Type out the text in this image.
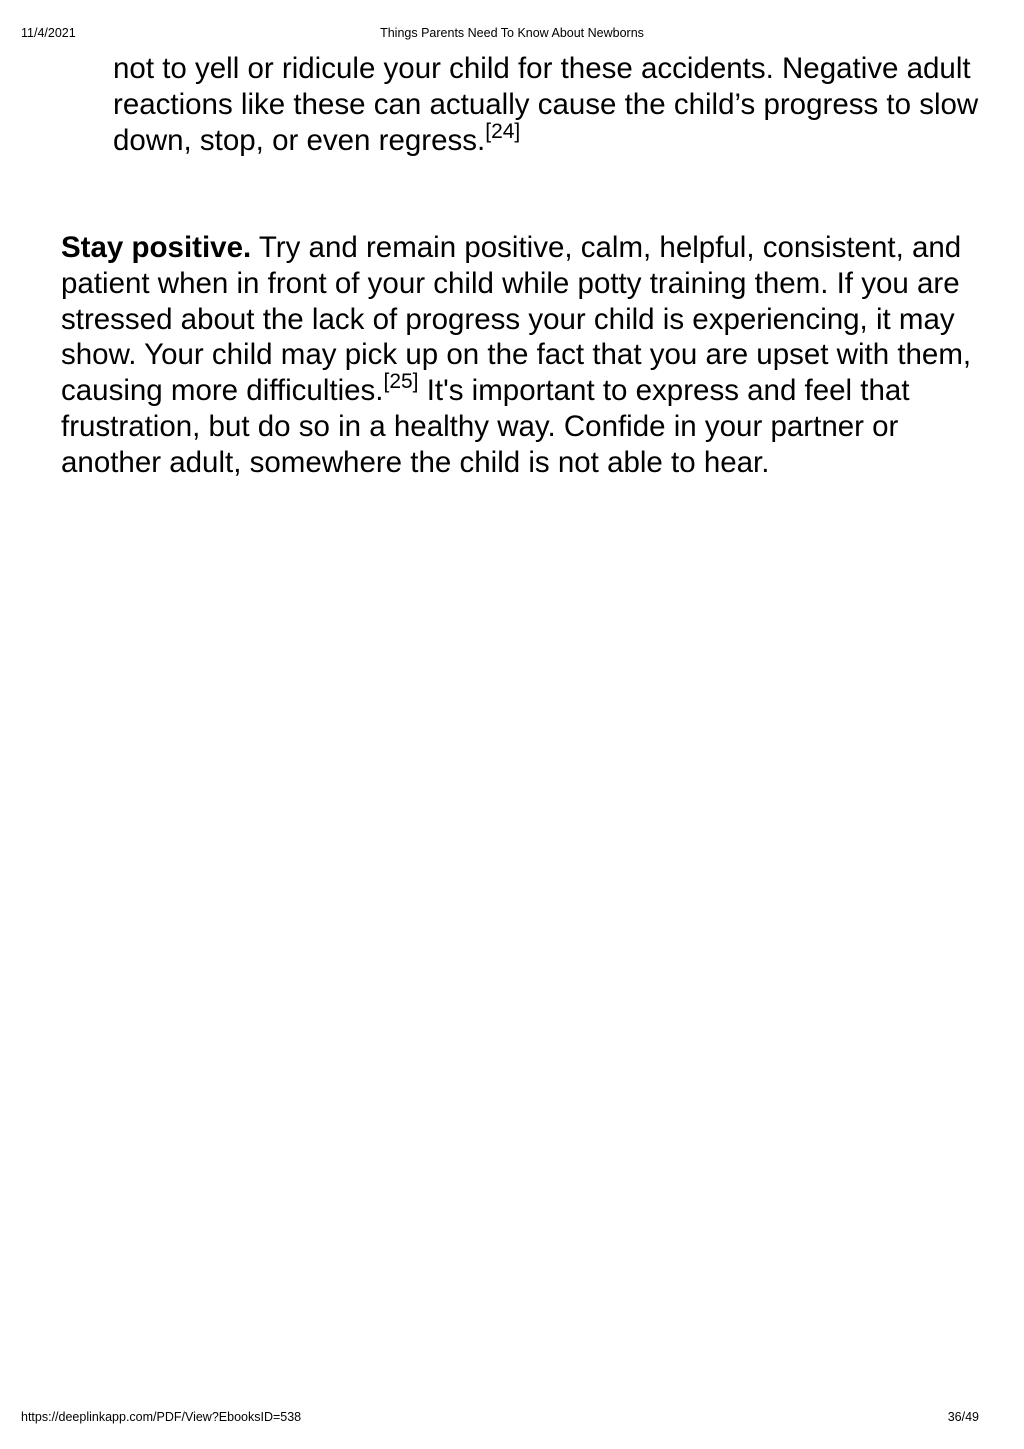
11/4/2021	Things Parents Need To Know About Newborns

not to yell or ridicule your child for these accidents. Negative adult reactions like these can actually cause the child’s progress to slow down, stop, or even regress.[24]

Stay positive. Try and remain positive, calm, helpful, consistent, and patient when in front of your child while potty training them. If you are stressed about the lack of progress your child is experiencing, it may show. Your child may pick up on the fact that you are upset with them, causing more difficulties.[25] It's important to express and feel that frustration, but do so in a healthy way. Confide in your partner or another adult, somewhere the child is not able to hear.

https://deeplinkapp.com/PDF/View?EbooksID=538	36/49
